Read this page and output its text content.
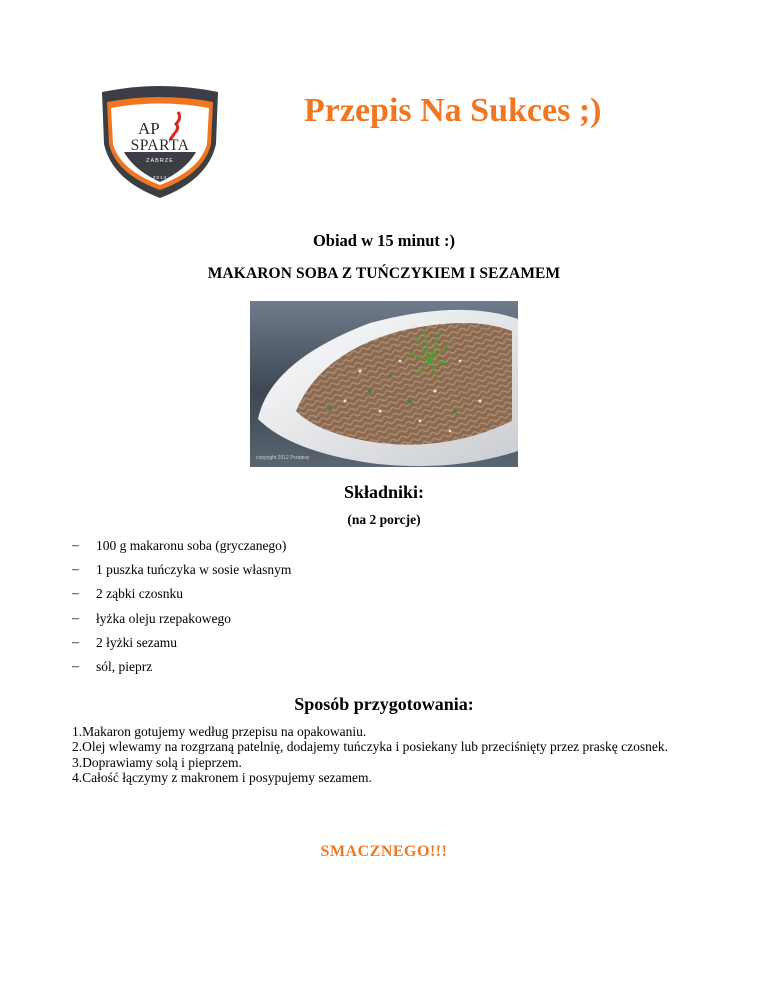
AP
SPARTA
ZABRZE
2014
Przepis Na Sukces ;)
Obiad w 15 minut :)
MAKARON SOBA Z TUŃCZYKIEM I SEZAMEM
copyright 2012 Przepisy
Składniki:
(na 2 porcje)
–	100 g makaronu soba (gryczanego)
–	1 puszka tuńczyka w sosie własnym
–	2 ząbki czosnku
–	łyżka oleju rzepakowego
–	2 łyżki sezamu
–	sól, pieprz
Sposób przygotowania:
1.Makaron gotujemy według przepisu na opakowaniu.
2.Olej wlewamy na rozgrzaną patelnię, dodajemy tuńczyka i posiekany lub przeciśnięty przez praskę czosnek.
3.Doprawiamy solą i pieprzem.
4.Całość łączymy z makronem i posypujemy sezamem.
SMACZNEGO!!!
